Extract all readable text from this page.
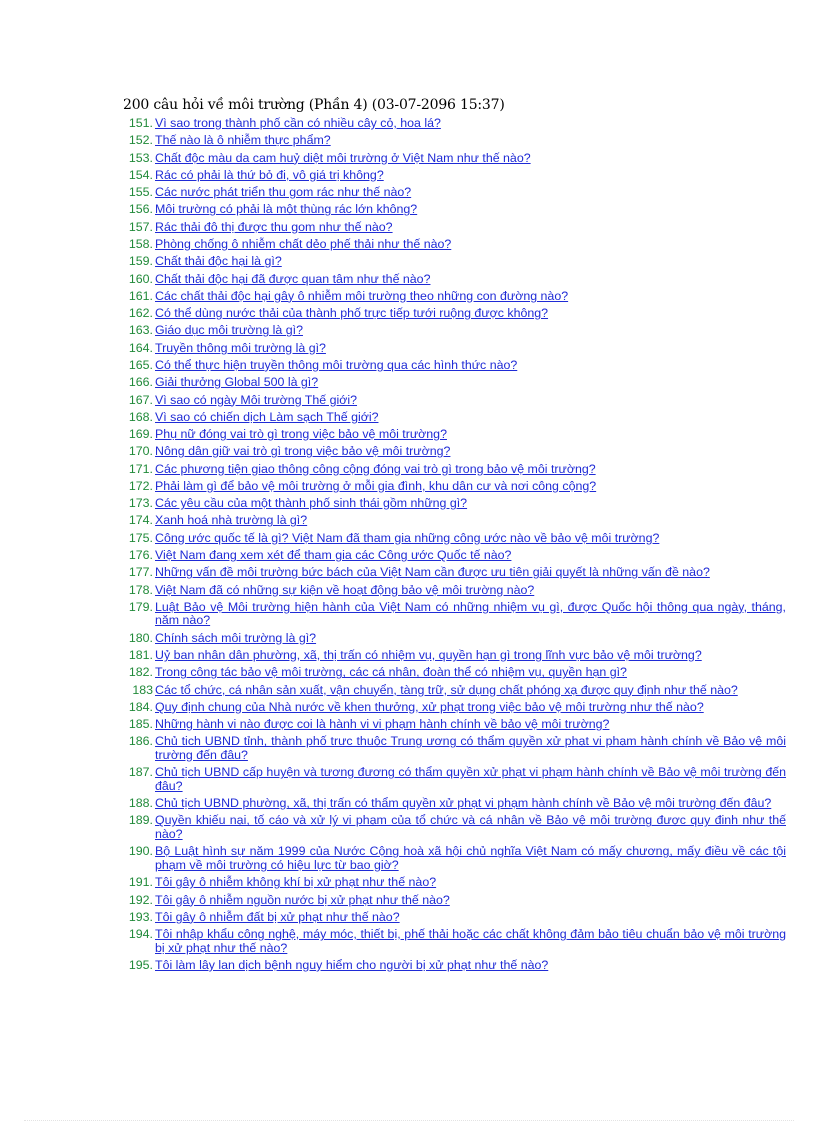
200 câu hỏi về môi trường (Phần 4) (03-07-2096 15:37)
151. Vì sao trong thành phố cần có nhiều cây cỏ, hoa lá?
152. Thế nào là ô nhiễm thực phẩm?
153. Chất độc màu da cam huỷ diệt môi trường ở Việt Nam như thế nào?
154. Rác có phải là thứ bỏ đi, vô giá trị không?
155. Các nước phát triển thu gom rác như thế nào?
156. Môi trường có phải là một thùng rác lớn không?
157. Rác thải đô thị được thu gom như thế nào?
158. Phòng chống ô nhiễm chất dẻo phế thải như thế nào?
159. Chất thải độc hại là gì?
160. Chất thải độc hại đã được quan tâm như thế nào?
161. Các chất thải độc hại gây ô nhiễm môi trường theo những con đường nào?
162. Có thể dùng nước thải của thành phố trực tiếp tưới ruộng được không?
163. Giáo dục môi trường là gì?
164. Truyền thông môi trường là gì?
165. Có thể thực hiện truyền thông môi trường qua các hình thức nào?
166. Giải thưởng Global 500 là gì?
167. Vì sao có ngày Môi trường Thế giới?
168. Vì sao có chiến dịch Làm sạch Thế giới?
169. Phụ nữ đóng vai trò gì trong việc bảo vệ môi trường?
170. Nông dân giữ vai trò gì trong việc bảo vệ môi trường?
171. Các phương tiện giao thông công cộng đóng vai trò gì trong bảo vệ môi trường?
172. Phải làm gì để bảo vệ môi trường ở mỗi gia đình, khu dân cư và nơi công cộng?
173. Các yêu cầu của một thành phố sinh thái gồm những gì?
174. Xanh hoá nhà trường là gì?
175. Công ước quốc tế là gì? Việt Nam đã tham gia những công ước nào về bảo vệ môi trường?
176. Việt Nam đang xem xét để tham gia các Công ước Quốc tế nào?
177. Những vấn đề môi trường bức bách của Việt Nam cần được ưu tiên giải quyết là những vấn đề nào?
178. Việt Nam đã có những sự kiện về hoạt động bảo vệ môi trường nào?
179. Luật Bảo vệ Môi trường hiện hành của Việt Nam có những nhiệm vụ gì, được Quốc hội thông qua ngày, tháng, năm nào?
180. Chính sách môi trường là gì?
181. Uỷ ban nhân dân phường, xã, thị trấn có nhiệm vụ, quyền hạn gì trong lĩnh vực bảo vệ môi trường?
182. Trong công tác bảo vệ môi trường, các cá nhân, đoàn thể có nhiệm vụ, quyền hạn gì?
183 Các tổ chức, cá nhân sản xuất, vận chuyển, tàng trữ, sử dụng chất phóng xạ được quy định như thế nào?
184. Quy định chung của Nhà nước về khen thưởng, xử phạt trong việc bảo vệ môi trường như thế nào?
185. Những hành vi nào được coi là hành vi vi phạm hành chính về bảo vệ môi trường?
186. Chủ tịch UBND tỉnh, thành phố trực thuộc Trung ương có thẩm quyền xử phạt vi phạm hành chính về Bảo vệ môi trường đến đâu?
187. Chủ tịch UBND cấp huyện và tương đương có thẩm quyền xử phạt vi phạm hành chính về Bảo vệ môi trường đến đâu?
188. Chủ tịch UBND phường, xã, thị trấn có thẩm quyền xử phạt vi phạm hành chính về Bảo vệ môi trường đến đâu?
189. Quyền khiếu nại, tố cáo và xử lý vi phạm của tổ chức và cá nhân về Bảo vệ môi trường được quy định như thế nào?
190. Bộ Luật hình sự năm 1999 của Nước Cộng hoà xã hội chủ nghĩa Việt Nam có mấy chương, mấy điều về các tội phạm về môi trường có hiệu lực từ bao giờ?
191. Tôi gây ô nhiễm không khí bị xử phạt như thế nào?
192. Tôi gây ô nhiễm nguồn nước bị xử phạt như thế nào?
193. Tôi gây ô nhiễm đất bị xử phạt như thế nào?
194. Tôi nhập khẩu công nghệ, máy móc, thiết bị, phế thải hoặc các chất không đảm bảo tiêu chuẩn bảo vệ môi trường bị xử phạt như thế nào?
195. Tôi làm lây lan dịch bệnh nguy hiểm cho người bị xử phạt như thế nào?
